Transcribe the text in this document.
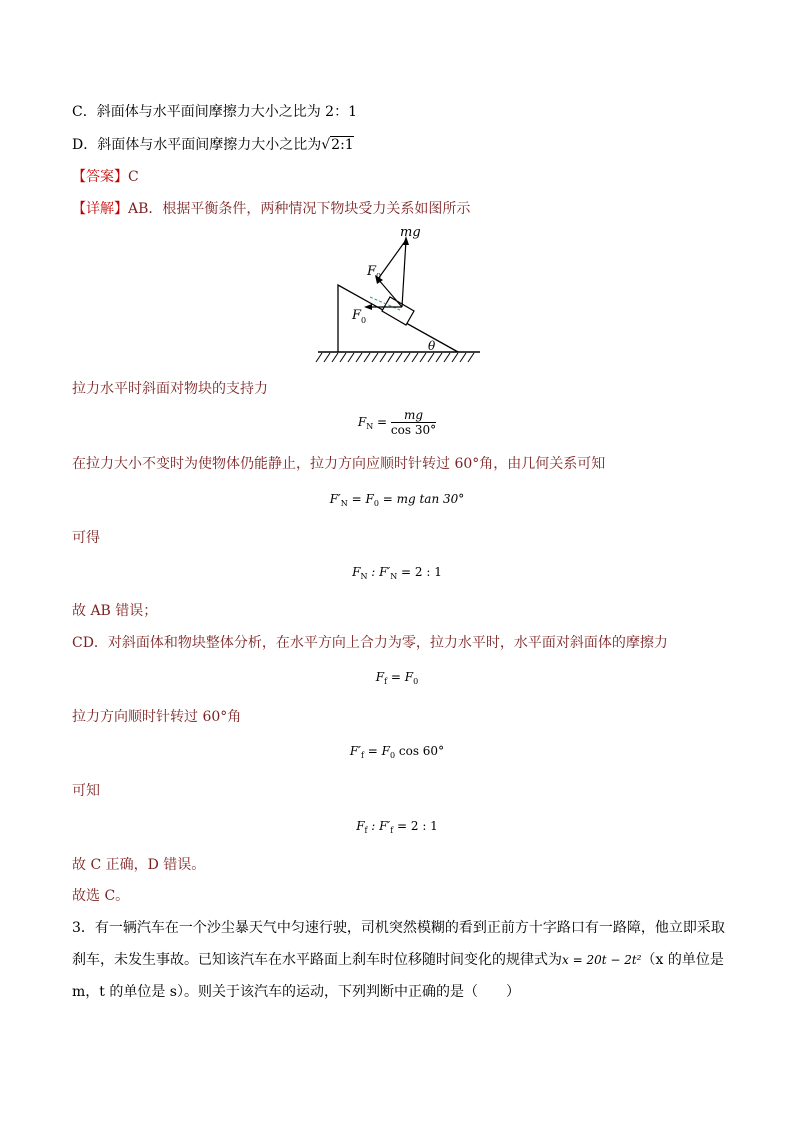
C．斜面体与水平面间摩擦力大小之比为 2：1
D．斜面体与水平面间摩擦力大小之比为√2:1
【答案】C
【详解】AB．根据平衡条件，两种情况下物块受力关系如图所示
mg
F 0
F 0
θ
拉力水平时斜面对物块的支持力
$F_N = \frac{mg}{\cos 30^\circ}$
在拉力大小不变时为使物体仍能静止，拉力方向应顺时针转过 60°角，由几何关系可知
$F'_N = F_0$ = mg tan 30°
可得
$F_N$ : $F'_N = 2$ : 1
故 AB 错误；
CD．对斜面体和物块整体分析，在水平方向上合力为零，拉力水平时，水平面对斜面体的摩擦力
$F_f = F_0$
拉力方向顺时针转过 60°角
$F'_f = F_0$ cos 60°
可知
$F_f$ : $F'_f = 2$ : 1
故 C 正确，D 错误。
故选 C。
3．有一辆汽车在一个沙尘暴天气中匀速行驶，司机突然模糊的看到正前方十字路口有一路障，他立即采取
刹车，未发生事故。已知该汽车在水平路面上刹车时位移随时间变化的规律式为x = 20t − 2t²（x 的单位是
m，t 的单位是 s）。则关于该汽车的运动，下列判断中正确的是（　　）
